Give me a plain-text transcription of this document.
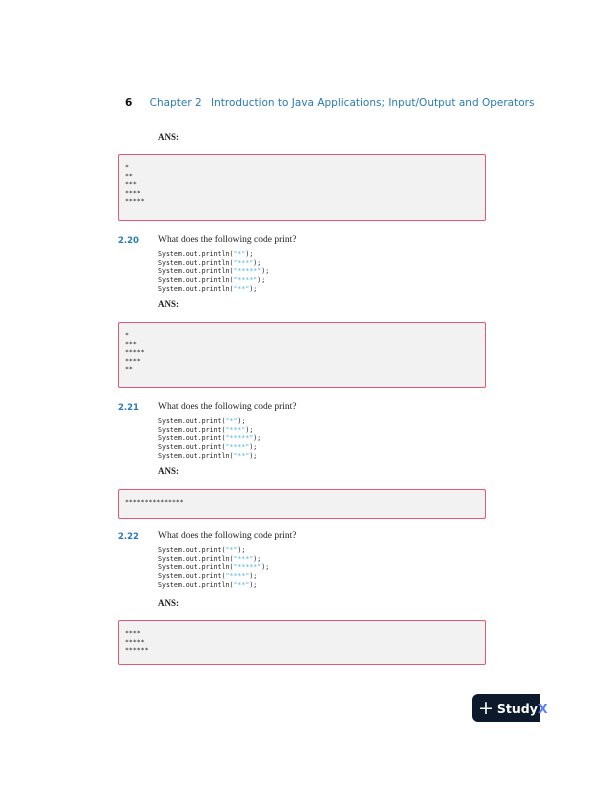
6 Chapter 2 Introduction to Java Applications; Input/Output and Operators
ANS:
*
**
***
****
*****
2.20 What does the following code print?
System.out.println("*");
System.out.println("***");
System.out.println("*****");
System.out.println("****");
System.out.println("**");
ANS:
*
***
*****
****
**
2.21 What does the following code print?
System.out.print("*");
System.out.print("***");
System.out.print("*****");
System.out.print("****");
System.out.println("**");
ANS:
***************
2.22 What does the following code print?
System.out.print("*");
System.out.println("***");
System.out.println("*****");
System.out.print("****");
System.out.println("**");
ANS:
****
*****
******
+ Study X
